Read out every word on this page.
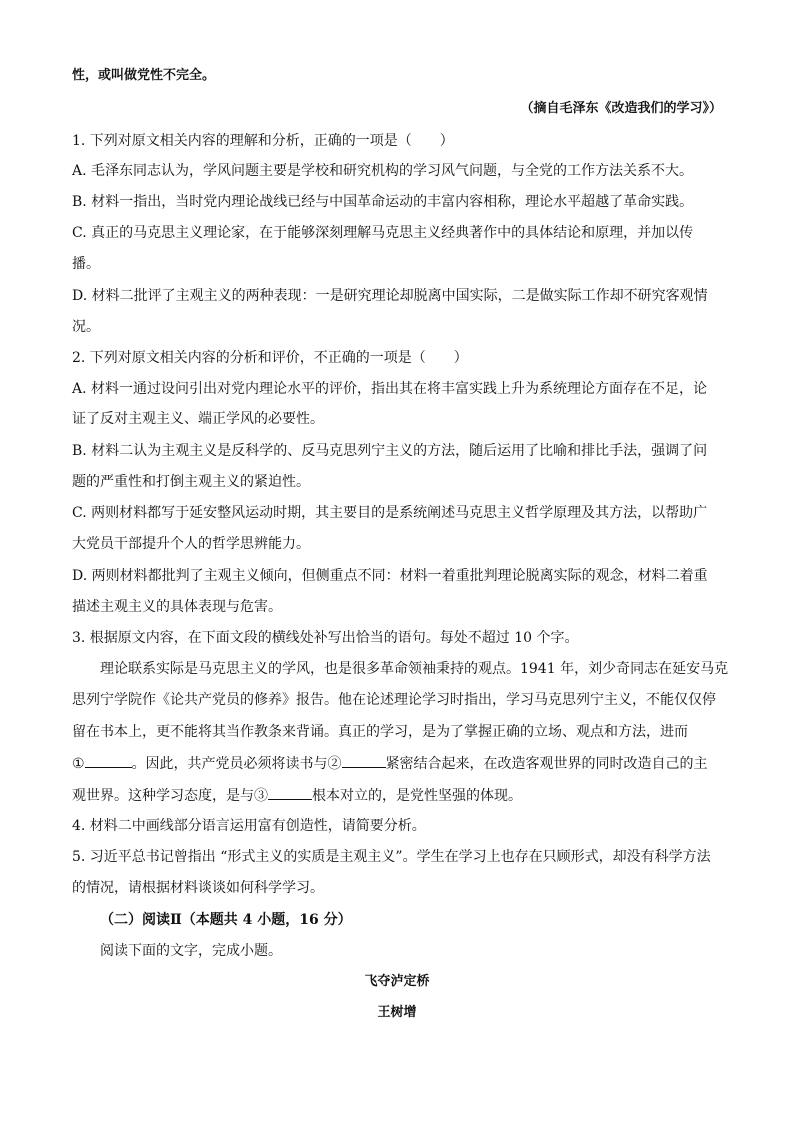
性，或叫做党性不完全。
（摘自毛泽东《改造我们的学习》）
1. 下列对原文相关内容的理解和分析，正确的一项是（　　）
A. 毛泽东同志认为，学风问题主要是学校和研究机构的学习风气问题，与全党的工作方法关系不大。
B. 材料一指出，当时党内理论战线已经与中国革命运动的丰富内容相称，理论水平超越了革命实践。
C. 真正的马克思主义理论家，在于能够深刻理解马克思主义经典著作中的具体结论和原理，并加以传
播。
D. 材料二批评了主观主义的两种表现：一是研究理论却脱离中国实际，二是做实际工作却不研究客观情
况。
2. 下列对原文相关内容的分析和评价，不正确的一项是（　　）
A. 材料一通过设问引出对党内理论水平的评价，指出其在将丰富实践上升为系统理论方面存在不足，论
证了反对主观主义、端正学风的必要性。
B. 材料二认为主观主义是反科学的、反马克思列宁主义的方法，随后运用了比喻和排比手法，强调了问
题的严重性和打倒主观主义的紧迫性。
C. 两则材料都写于延安整风运动时期，其主要目的是系统阐述马克思主义哲学原理及其方法，以帮助广
大党员干部提升个人的哲学思辨能力。
D. 两则材料都批判了主观主义倾向，但侧重点不同：材料一着重批判理论脱离实际的观念，材料二着重
描述主观主义的具体表现与危害。
3. 根据原文内容，在下面文段的横线处补写出恰当的语句。每处不超过 10 个字。
理论联系实际是马克思主义的学风，也是很多革命领袖秉持的观点。1941 年，刘少奇同志在延安马克
思列宁学院作《论共产党员的修养》报告。他在论述理论学习时指出，学习马克思列宁主义，不能仅仅停
留在书本上，更不能将其当作教条来背诵。真正的学习，是为了掌握正确的立场、观点和方法，进而
①	。因此，共产党员必须将读书与②	紧密结合起来，在改造客观世界的同时改造自己的主
观世界。这种学习态度，是与③	根本对立的，是党性坚强的体现。
4. 材料二中画线部分语言运用富有创造性，请简要分析。
5. 习近平总书记曾指出 “形式主义的实质是主观主义”。学生在学习上也存在只顾形式，却没有科学方法
的情况，请根据材料谈谈如何科学学习。
（二）阅读Ⅱ（本题共 4 小题，16 分）
阅读下面的文字，完成小题。
飞夺泸定桥
王树增
